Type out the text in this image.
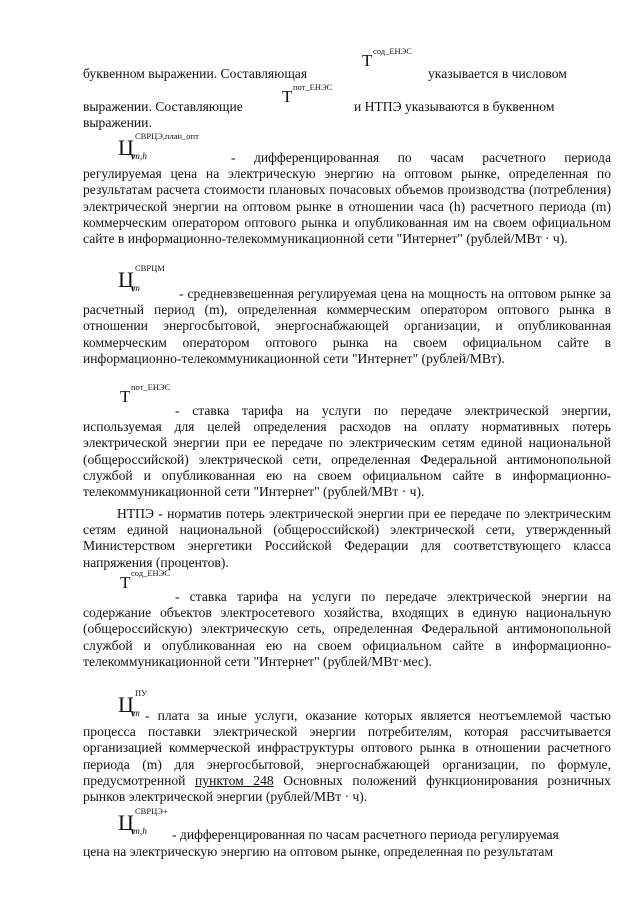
T сод_ЕНЭС
буквенном выражении. Составляющая	указывается в числовом
T пот_ЕНЭС
выражении. Составляющие	и НТПЭ указываются в буквенном
выражении.
Ц СВРЦЭ,план_опт
m,h	- дифференцированная по часам расчетного периода регулируемая цена на электрическую энергию на оптовом рынке, определенная по результатам расчета стоимости плановых почасовых объемов производства (потребления) электрической энергии на оптовом рынке в отношении часа (h) расчетного периода (m) коммерческим оператором оптового рынка и опубликованная им на своем официальном сайте в информационно-телекоммуникационной сети "Интернет" (рублей/МВт · ч).

Ц СВРЦМ
m	- средневзвешенная регулируемая цена на мощность на оптовом рынке за расчетный период (m), определенная коммерческим оператором оптового рынка в отношении энергосбытовой, энергоснабжающей организации, и опубликованная коммерческим оператором оптового рынка на своем официальном сайте в информационно-телекоммуникационной сети "Интернет" (рублей/МВт).

T пот_ЕНЭС

- ставка тарифа на услуги по передаче электрической энергии, используемая для целей определения расходов на оплату нормативных потерь электрической энергии при ее передаче по электрическим сетям единой национальной (общероссийской) электрической сети, определенная Федеральной антимонопольной службой и опубликованная ею на своем официальном сайте в информационно-телекоммуникационной сети "Интернет" (рублей/МВт · ч).

НТПЭ - норматив потерь электрической энергии при ее передаче по электрическим сетям единой национальной (общероссийской) электрической сети, утвержденный Министерством энергетики Российской Федерации для соответствующего класса напряжения (процентов).

T сод_ЕНЭС

- ставка тарифа на услуги по передаче электрической энергии на содержание объектов электросетевого хозяйства, входящих в единую национальную (общероссийскую) электрическую сеть, определенная Федеральной антимонопольной службой и опубликованная ею на своем официальном сайте в информационно-телекоммуникационной сети "Интернет" (рублей/МВт·мес).

Ц ПУ
m - плата за иные услуги, оказание которых является неотъемлемой частью процесса поставки электрической энергии потребителям, которая рассчитывается организацией коммерческой инфраструктуры оптового рынка в отношении расчетного периода (m) для энергосбытовой, энергоснабжающей организации, по формуле, предусмотренной пунктом 248 Основных положений функционирования розничных рынков электрической энергии (рублей/МВт · ч).

Ц СВРЦЭ+
m,h - дифференцированная по часам расчетного периода регулируемая
цена на электрическую энергию на оптовом рынке, определенная по результатам
